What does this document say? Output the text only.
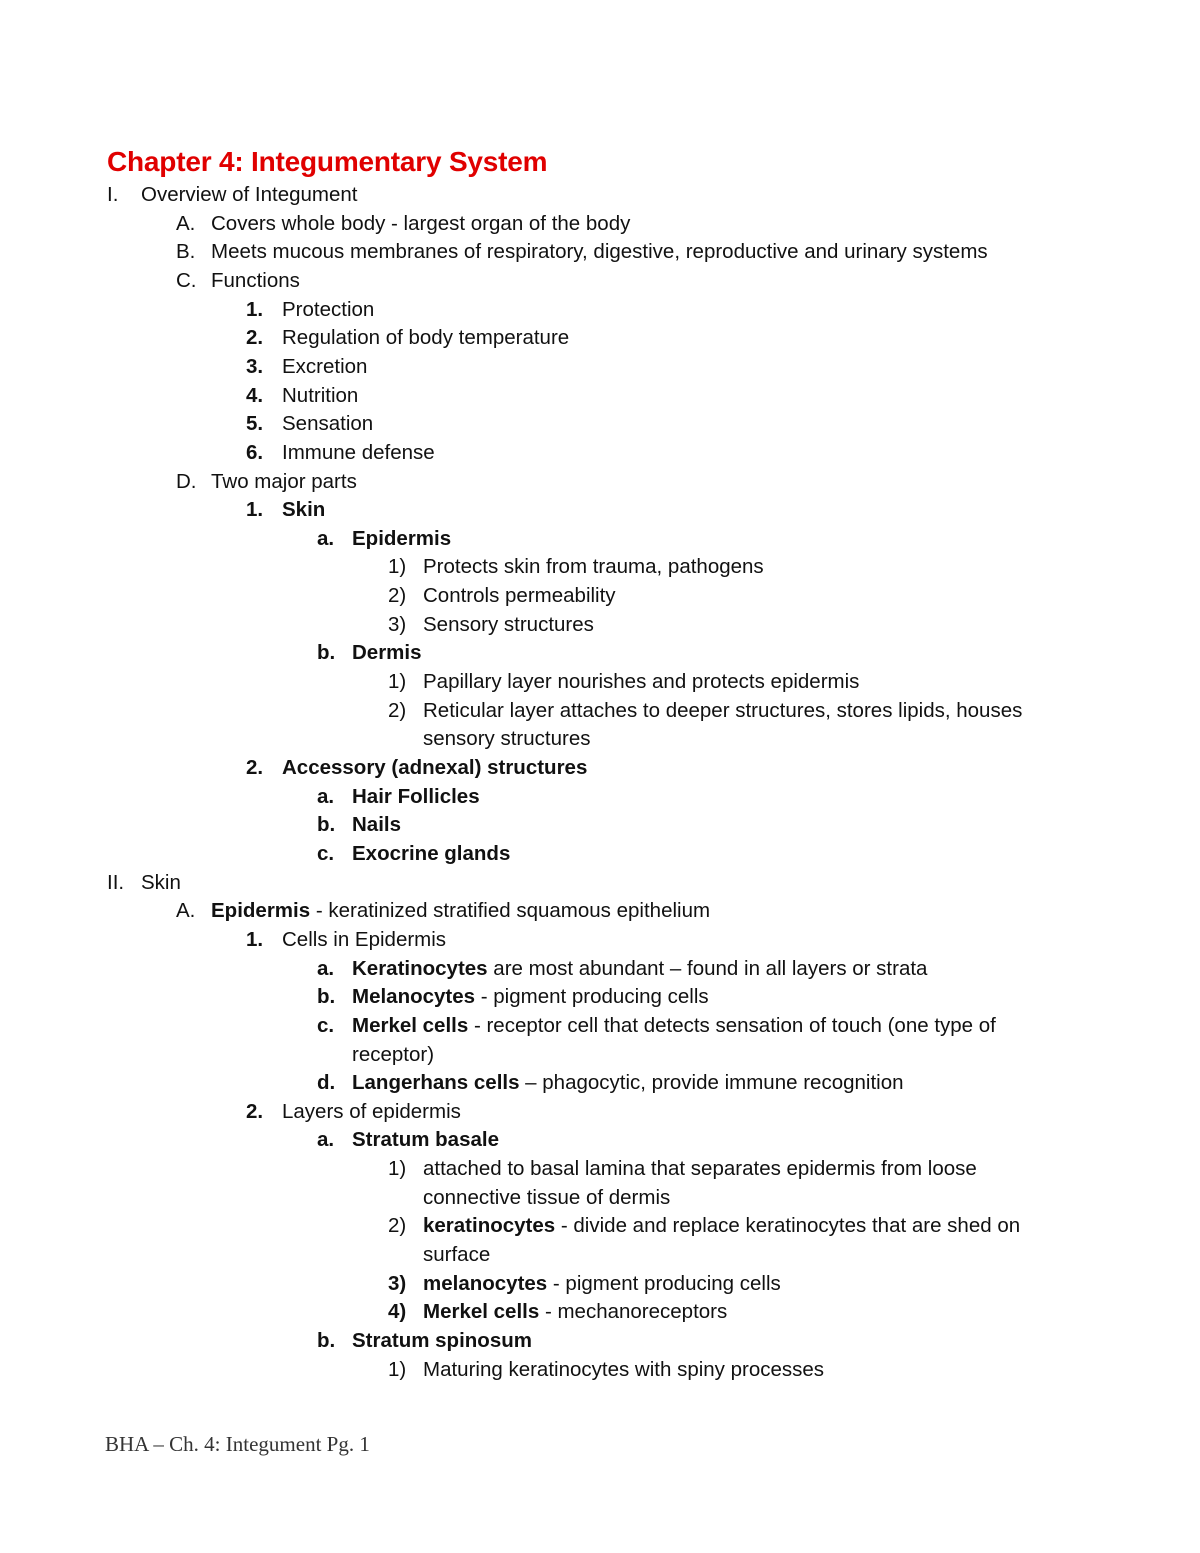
Chapter 4: Integumentary System
I. Overview of Integument
A. Covers whole body - largest organ of the body
B. Meets mucous membranes of respiratory, digestive, reproductive and urinary systems
C. Functions
1. Protection
2. Regulation of body temperature
3. Excretion
4. Nutrition
5. Sensation
6. Immune defense
D. Two major parts
1. Skin
a. Epidermis
1) Protects skin from trauma, pathogens
2) Controls permeability
3) Sensory structures
b. Dermis
1) Papillary layer nourishes and protects epidermis
2) Reticular layer attaches to deeper structures, stores lipids, houses
sensory structures
2. Accessory (adnexal) structures
a. Hair Follicles
b. Nails
c. Exocrine glands
II. Skin
A. Epidermis - keratinized stratified squamous epithelium
1. Cells in Epidermis
a. Keratinocytes are most abundant – found in all layers or strata
b. Melanocytes - pigment producing cells
c. Merkel cells - receptor cell that detects sensation of touch (one type of
receptor)
d. Langerhans cells – phagocytic, provide immune recognition
2. Layers of epidermis
a. Stratum basale
1) attached to basal lamina that separates epidermis from loose
connective tissue of dermis
2) keratinocytes - divide and replace keratinocytes that are shed on
surface
3) melanocytes - pigment producing cells
4) Merkel cells - mechanoreceptors
b. Stratum spinosum
1) Maturing keratinocytes with spiny processes
BHA – Ch. 4: Integument Pg. 1
